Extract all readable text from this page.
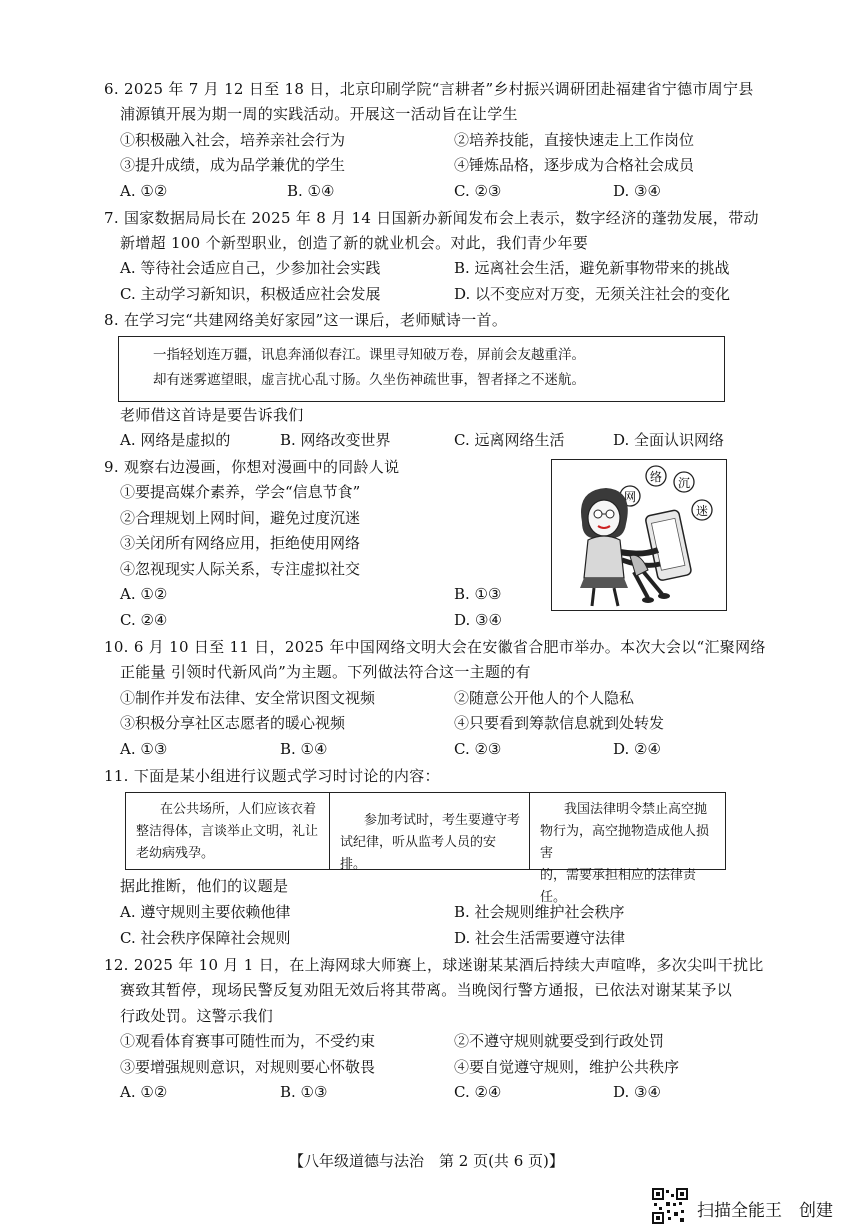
6. 2025 年 7 月 12 日至 18 日，北京印刷学院“言耕者”乡村振兴调研团赴福建省宁德市周宁县
浦源镇开展为期一周的实践活动。开展这一活动旨在让学生
①积极融入社会，培养亲社会行为	②培养技能，直接快速走上工作岗位
③提升成绩，成为品学兼优的学生	④锤炼品格，逐步成为合格社会成员
A. ①②	B. ①④	C. ②③	D. ③④
7. 国家数据局局长在 2025 年 8 月 14 日国新办新闻发布会上表示，数字经济的蓬勃发展，带动
新增超 100 个新型职业，创造了新的就业机会。对此，我们青少年要
A. 等待社会适应自己，少参加社会实践	B. 远离社会生活，避免新事物带来的挑战
C. 主动学习新知识，积极适应社会发展	D. 以不变应对万变，无须关注社会的变化
8. 在学习完“共建网络美好家园”这一课后，老师赋诗一首。
一指轻划连万疆，讯息奔涌似春江。课里寻知破万卷，屏前会友越重洋。
却有迷雾遮望眼，虚言扰心乱寸肠。久坐伤神疏世事，智者择之不迷航。
老师借这首诗是要告诉我们
A. 网络是虚拟的	B. 网络改变世界	C. 远离网络生活	D. 全面认识网络
9. 观察右边漫画，你想对漫画中的同龄人说
①要提高媒介素养，学会“信息节食”
②合理规划上网时间，避免过度沉迷
③关闭所有网络应用，拒绝使用网络
④忽视现实人际关系，专注虚拟社交
A. ①②	B. ①③
C. ②④	D. ③④
络
网
沉
迷
10. 6 月 10 日至 11 日，2025 年中国网络文明大会在安徽省合肥市举办。本次大会以“汇聚网络
正能量 引领时代新风尚”为主题。下列做法符合这一主题的有
①制作并发布法律、安全常识图文视频	②随意公开他人的个人隐私
③积极分享社区志愿者的暖心视频	④只要看到筹款信息就到处转发
A. ①③	B. ①④	C. ②③	D. ②④
11. 下面是某小组进行议题式学习时讨论的内容：
在公共场所，人们应该衣着
整洁得体，言谈举止文明，礼让
老幼病残孕。
参加考试时，考生要遵守考
试纪律，听从监考人员的安排。
我国法律明令禁止高空抛
物行为，高空抛物造成他人损害
的，需要承担相应的法律责任。
据此推断，他们的议题是
A. 遵守规则主要依赖他律	B. 社会规则维护社会秩序
C. 社会秩序保障社会规则	D. 社会生活需要遵守法律
12. 2025 年 10 月 1 日，在上海网球大师赛上，球迷谢某某酒后持续大声喧哗，多次尖叫干扰比
赛致其暂停，现场民警反复劝阻无效后将其带离。当晚闵行警方通报，已依法对谢某某予以
行政处罚。这警示我们
①观看体育赛事可随性而为，不受约束	②不遵守规则就要受到行政处罚
③要增强规则意识，对规则要心怀敬畏	④要自觉遵守规则，维护公共秩序
A. ①②	B. ①③	C. ②④	D. ③④
【八年级道德与法治　第 2 页(共 6 页)】
扫描全能王　创建
